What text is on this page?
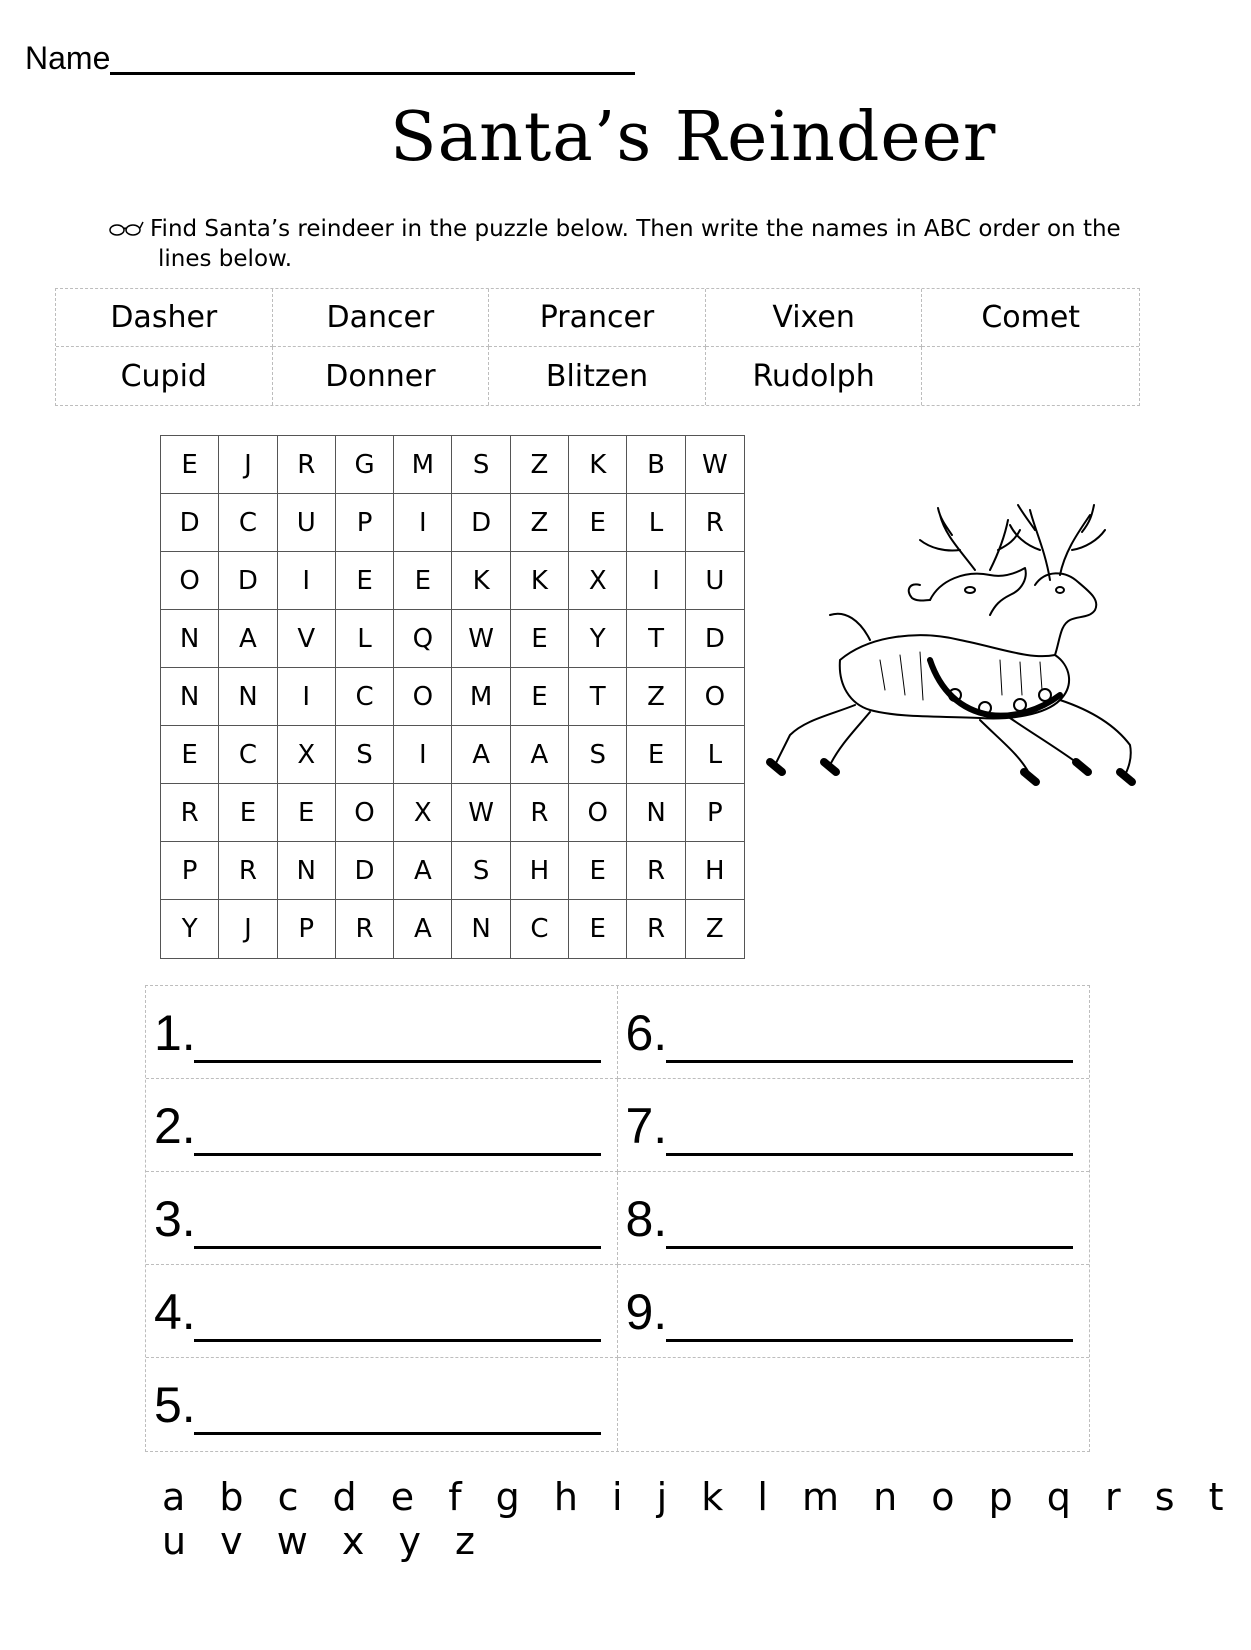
Name
Santa’s Reindeer
Find Santa’s reindeer in the puzzle below. Then write the names in ABC order on the
lines below.
Dasher	Dancer	Prancer	Vixen	Comet
Cupid	Donner	Blitzen	Rudolph
E	J	R	G	M	S	Z	K	B	W
D	C	U	P	I	D	Z	E	L	R
O	D	I	E	E	K	K	X	I	U
N	A	V	L	Q	W	E	Y	T	D
N	N	I	C	O	M	E	T	Z	O
E	C	X	S	I	A	A	S	E	L
R	E	E	O	X	W	R	O	N	P
P	R	N	D	A	S	H	E	R	H
Y	J	P	R	A	N	C	E	R	Z
1.	6.
2.	7.
3.	8.
4.	9.
5.
a b c d e f g h i j k l m n o p q r s t u v w x y z
